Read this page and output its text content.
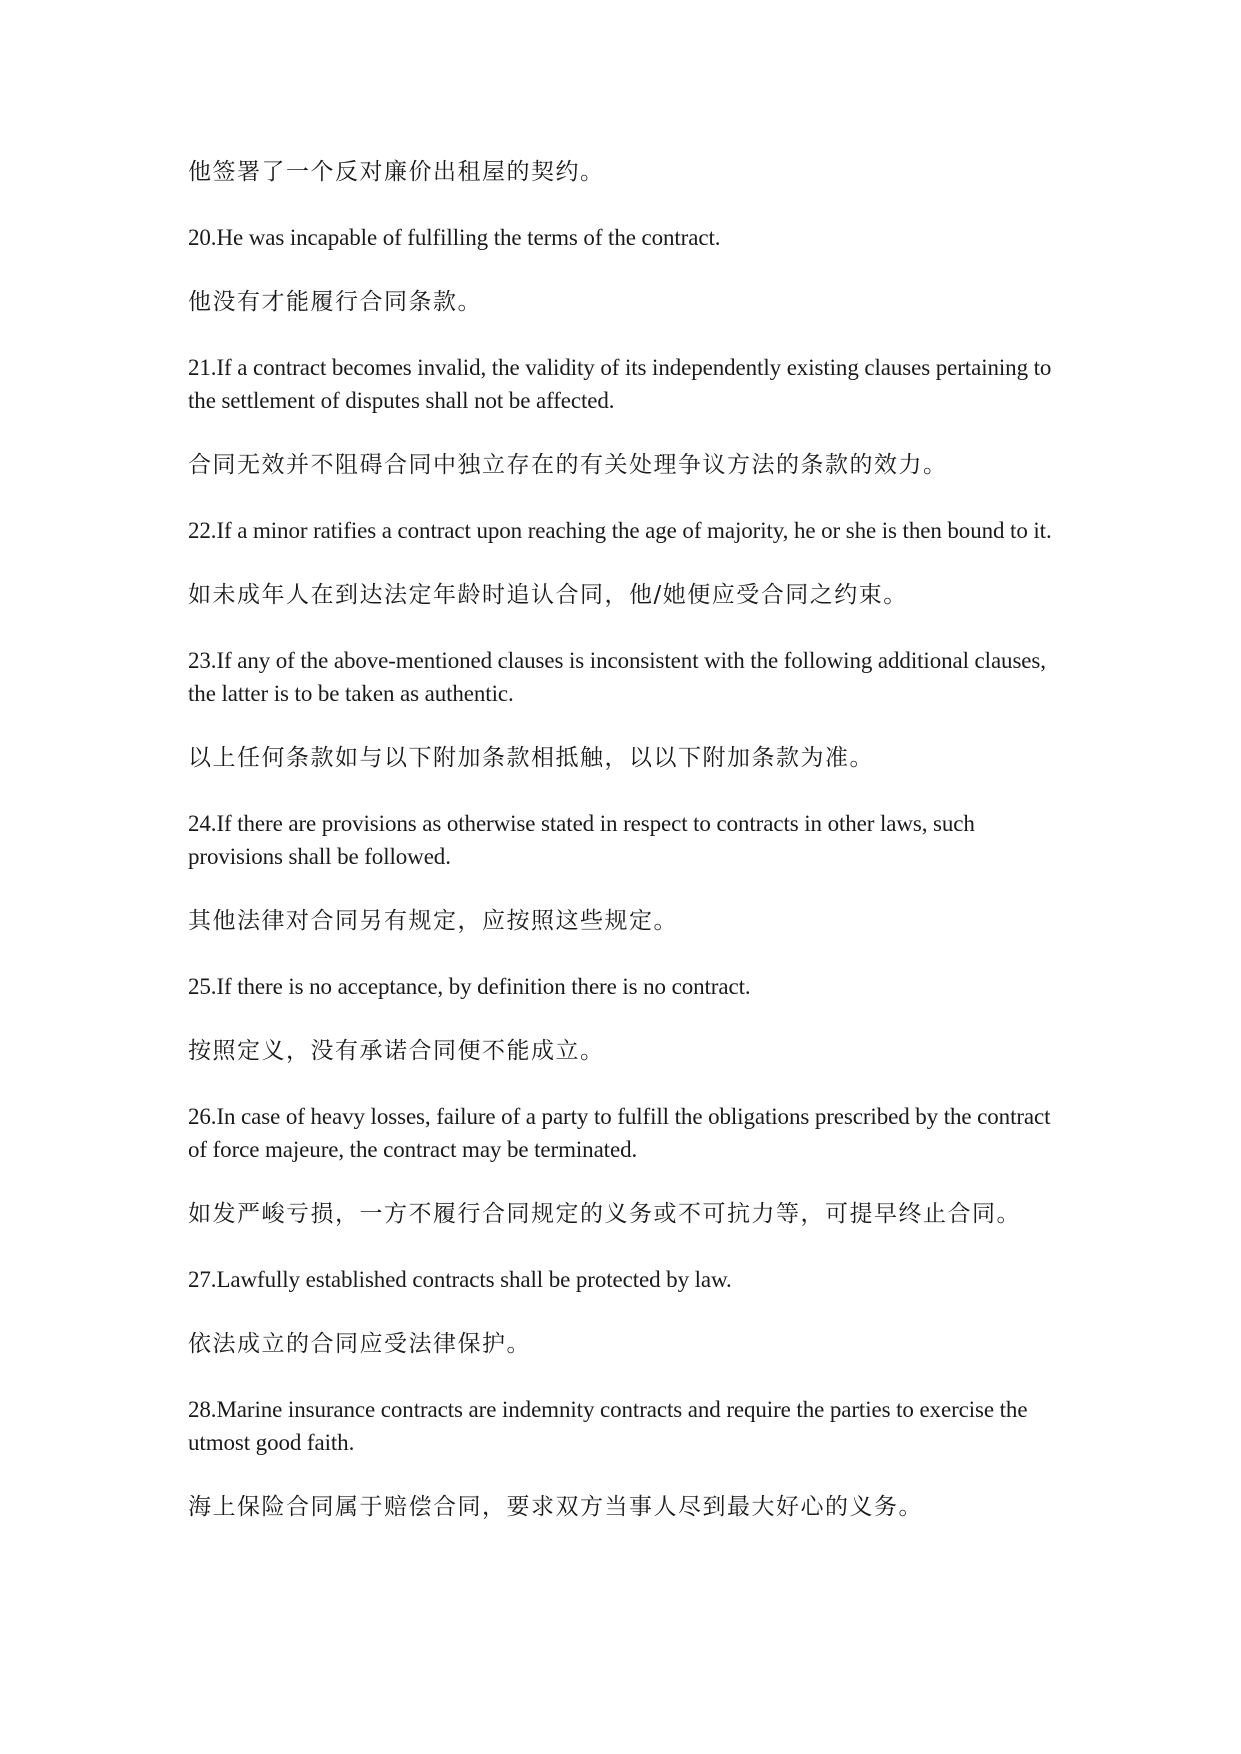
他签署了一个反对廉价出租屋的契约。

20.He was incapable of fulfilling the terms of the contract.

他没有才能履行合同条款。

21.If a contract becomes invalid, the validity of its independently existing clauses pertaining to the settlement of disputes shall not be affected.

合同无效并不阻碍合同中独立存在的有关处理争议方法的条款的效力。

22.If a minor ratifies a contract upon reaching the age of majority, he or she is then bound to it.

如未成年人在到达法定年龄时追认合同，他/她便应受合同之约束。

23.If any of the above-mentioned clauses is inconsistent with the following additional clauses, the latter is to be taken as authentic.

以上任何条款如与以下附加条款相抵触，以以下附加条款为准。

24.If there are provisions as otherwise stated in respect to contracts in other laws, such provisions shall be followed.

其他法律对合同另有规定，应按照这些规定。

25.If there is no acceptance, by definition there is no contract.

按照定义，没有承诺合同便不能成立。

26.In case of heavy losses, failure of a party to fulfill the obligations prescribed by the contract of force majeure, the contract may be terminated.

如发严峻亏损，一方不履行合同规定的义务或不可抗力等，可提早终止合同。

27.Lawfully established contracts shall be protected by law.

依法成立的合同应受法律保护。

28.Marine insurance contracts are indemnity contracts and require the parties to exercise the utmost good faith.

海上保险合同属于赔偿合同，要求双方当事人尽到最大好心的义务。
